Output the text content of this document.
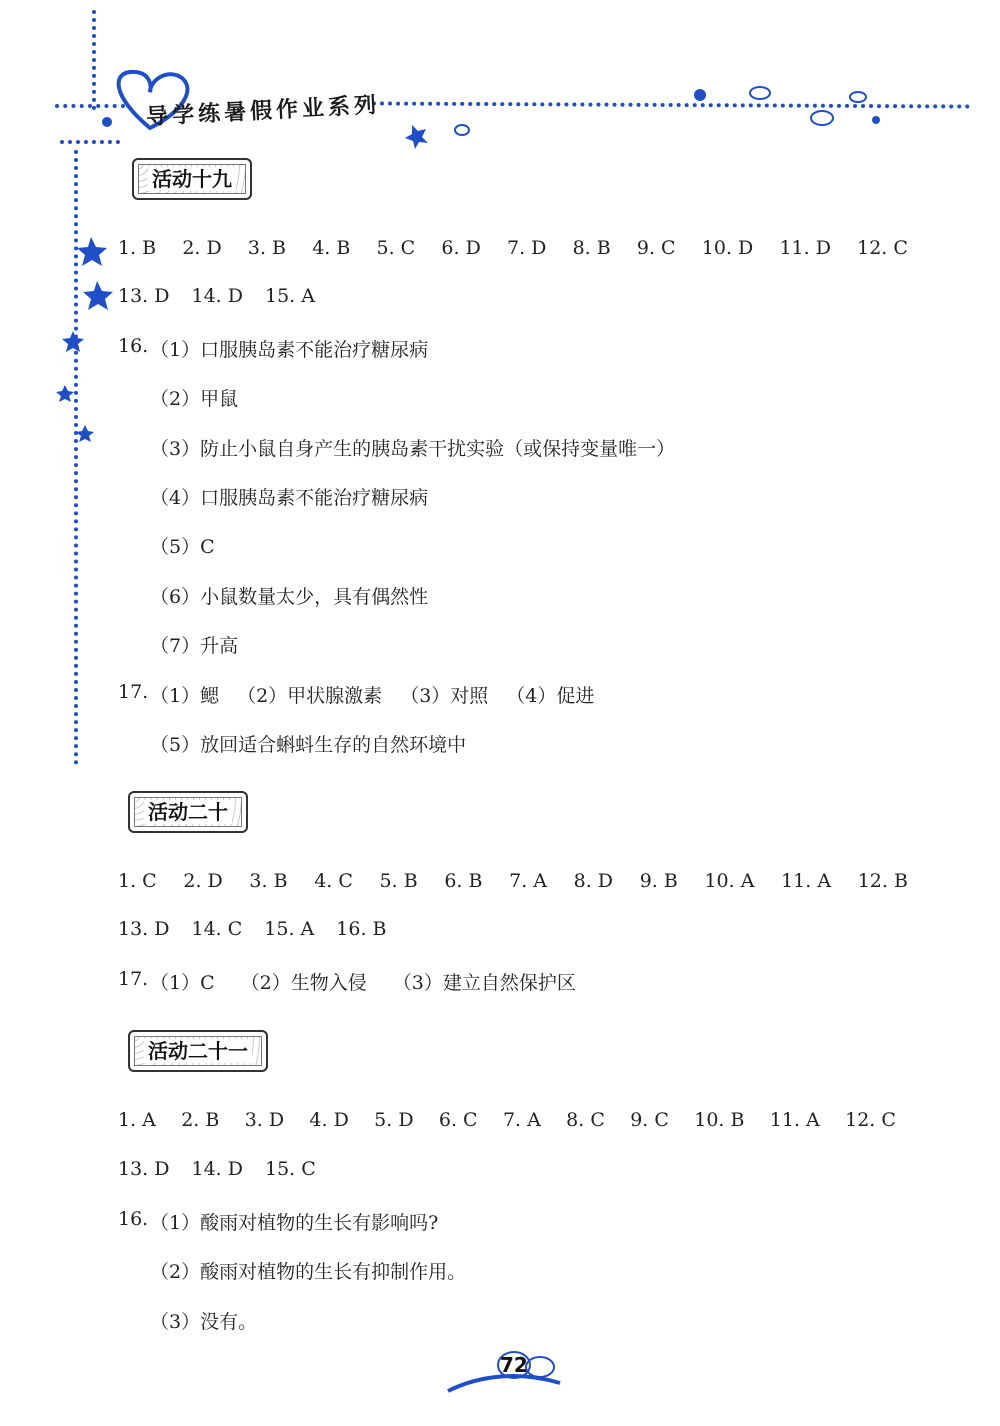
导学练暑假作业系列
活动十九
1. B 2. D 3. B 4. B 5. C 6. D 7. D 8. B 9. C 10. D 11. D 12. C
13. D 14. D 15. A
16. （1）口服胰岛素不能治疗糖尿病
（2）甲鼠
（3）防止小鼠自身产生的胰岛素干扰实验（或保持变量唯一）
（4）口服胰岛素不能治疗糖尿病
（5）C
（6）小鼠数量太少，具有偶然性
（7）升高
17. （1）鳃 （2）甲状腺激素 （3）对照 （4）促进
（5）放回适合蝌蚪生存的自然环境中
活动二十
1. C 2. D 3. B 4. C 5. B 6. B 7. A 8. D 9. B 10. A 11. A 12. B
13. D 14. C 15. A 16. B
17. （1）C （2）生物入侵 （3）建立自然保护区
活动二十一
1. A 2. B 3. D 4. D 5. D 6. C 7. A 8. C 9. C 10. B 11. A 12. C
13. D 14. D 15. C
16. （1）酸雨对植物的生长有影响吗?
（2）酸雨对植物的生长有抑制作用。
（3）没有。
72
